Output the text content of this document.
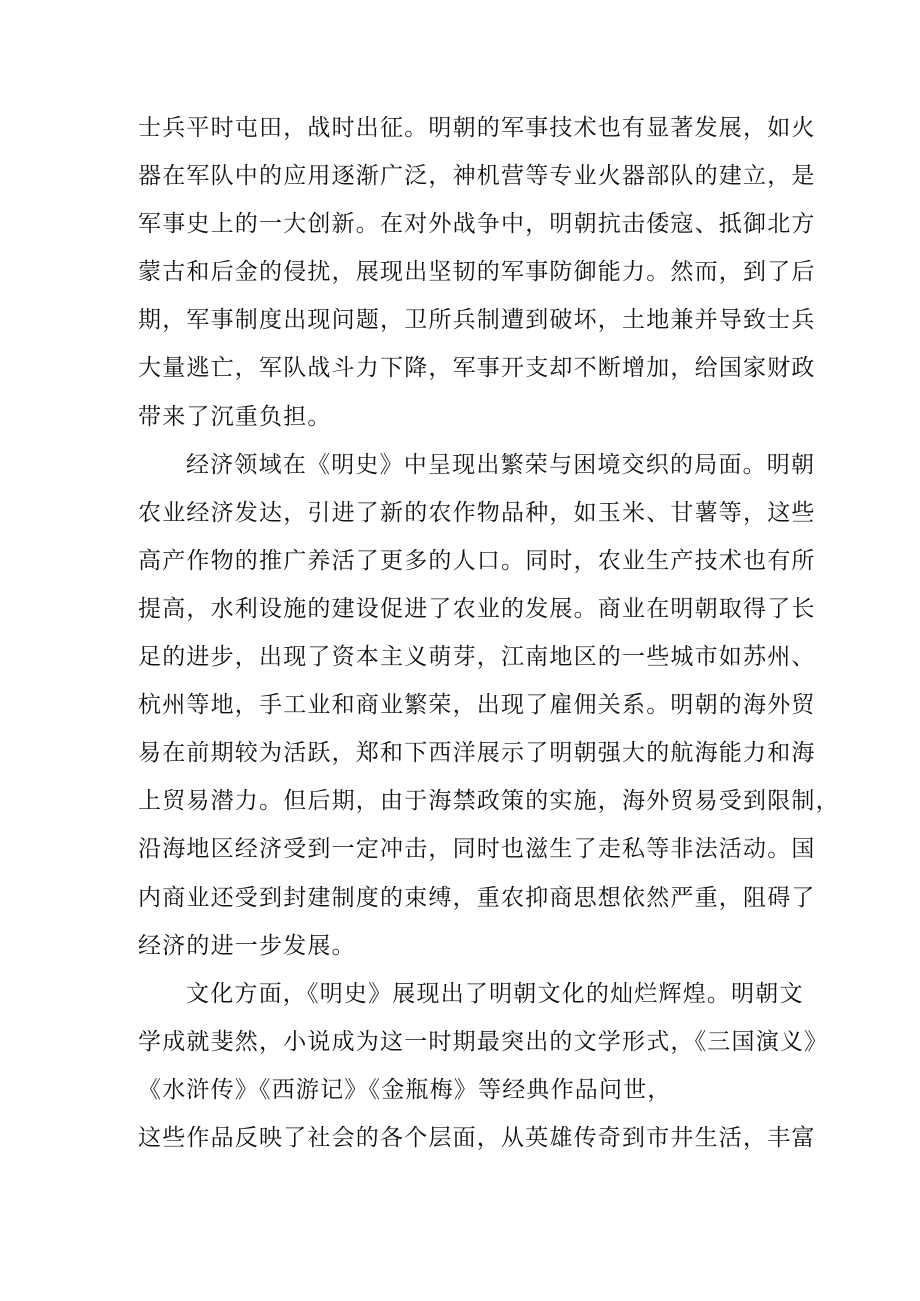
士兵平时屯田，战时出征。明朝的军事技术也有显著发展，如火
器在军队中的应用逐渐广泛，神机营等专业火器部队的建立，是
军事史上的一大创新。在对外战争中，明朝抗击倭寇、抵御北方
蒙古和后金的侵扰，展现出坚韧的军事防御能力。然而，到了后
期，军事制度出现问题，卫所兵制遭到破坏，土地兼并导致士兵
大量逃亡，军队战斗力下降，军事开支却不断增加，给国家财政
带来了沉重负担。
经济领域在《明史》中呈现出繁荣与困境交织的局面。明朝
农业经济发达，引进了新的农作物品种，如玉米、甘薯等，这些
高产作物的推广养活了更多的人口。同时，农业生产技术也有所
提高，水利设施的建设促进了农业的发展。商业在明朝取得了长
足的进步，出现了资本主义萌芽，江南地区的一些城市如苏州、
杭州等地，手工业和商业繁荣，出现了雇佣关系。明朝的海外贸
易在前期较为活跃，郑和下西洋展示了明朝强大的航海能力和海
上贸易潜力。但后期，由于海禁政策的实施，海外贸易受到限制，
沿海地区经济受到一定冲击，同时也滋生了走私等非法活动。国
内商业还受到封建制度的束缚，重农抑商思想依然严重，阻碍了
经济的进一步发展。
文化方面，《明史》展现出了明朝文化的灿烂辉煌。明朝文
学成就斐然，小说成为这一时期最突出的文学形式，《三国演义》
《水浒传》《西游记》《金瓶梅》等经典作品问世，
这些作品反映了社会的各个层面，从英雄传奇到市井生活，丰富
